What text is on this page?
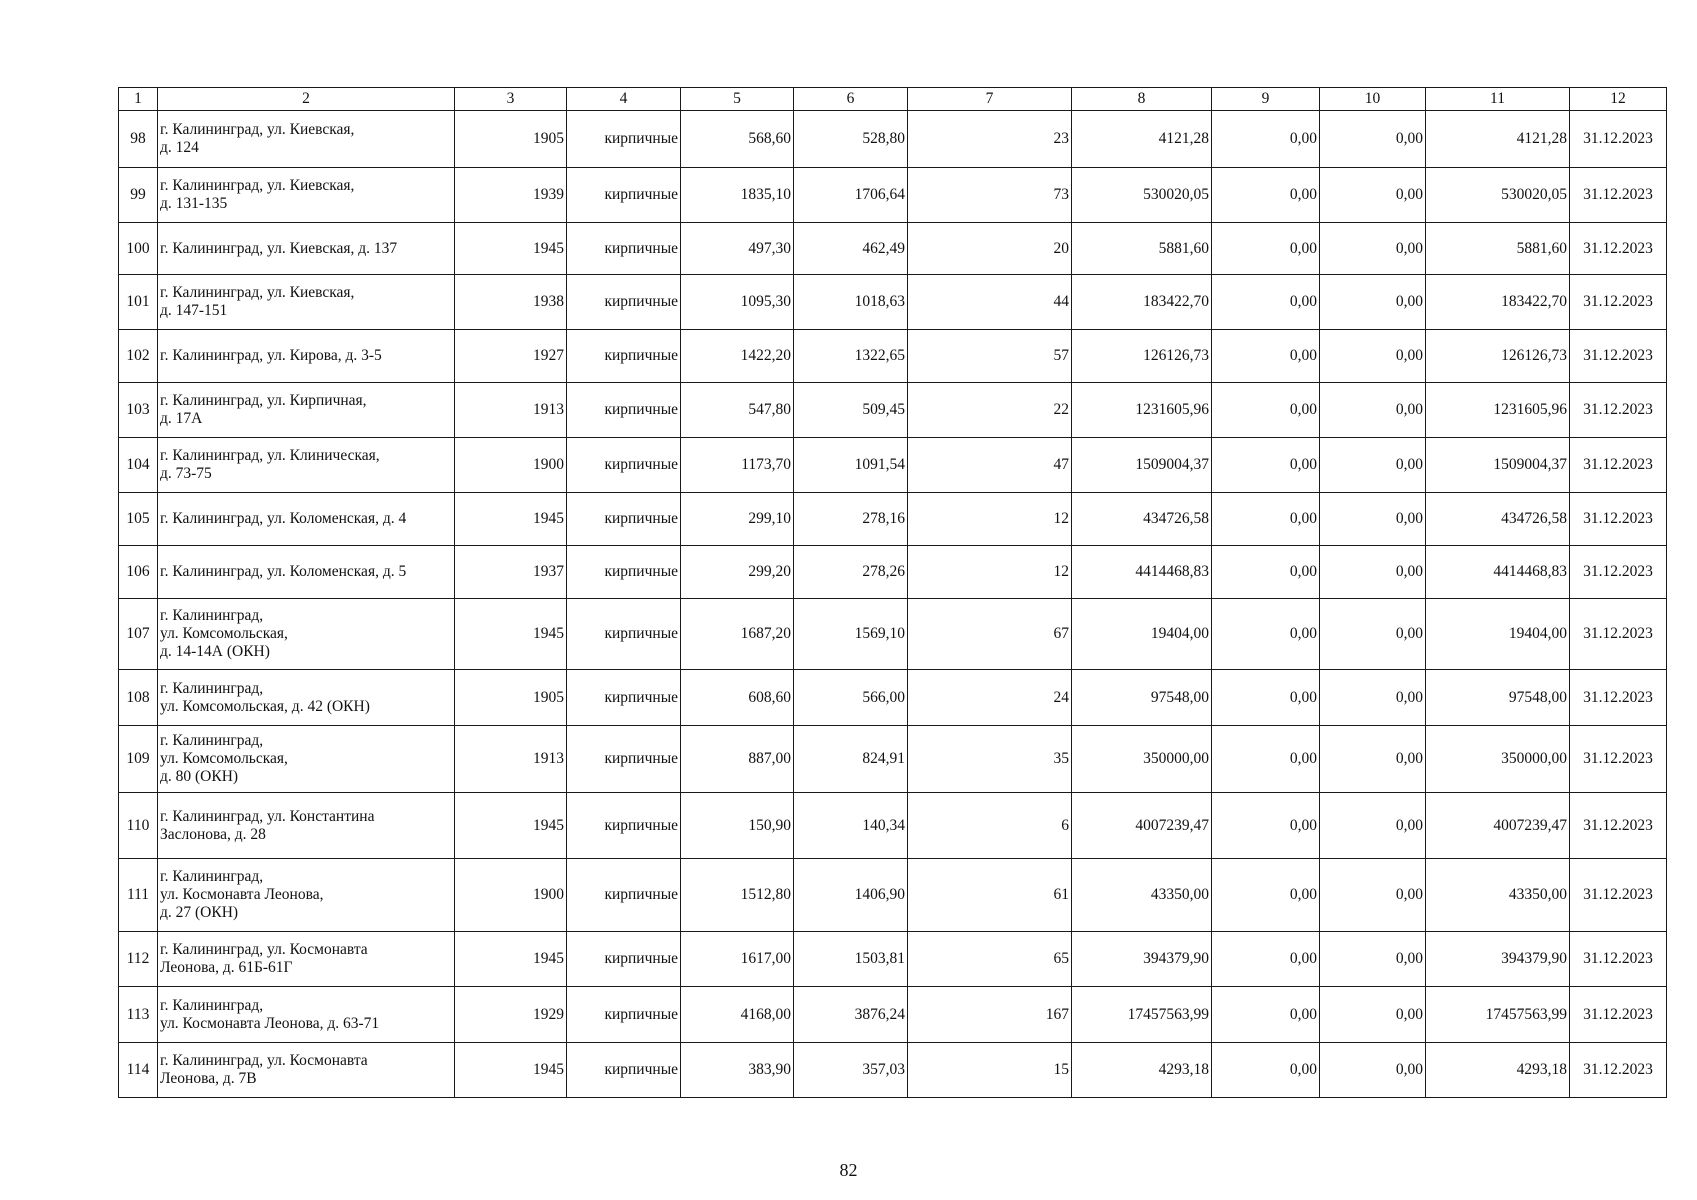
1	2	3	4	5	6	7	8	9	10	11	12
98	г. Калининград, ул. Киевская,
д. 124	1905	кирпичные	568,60	528,80	23	4121,28	0,00	0,00	4121,28	31.12.2023
99	г. Калининград, ул. Киевская,
д. 131-135	1939	кирпичные	1835,10	1706,64	73	530020,05	0,00	0,00	530020,05	31.12.2023
100	г. Калининград, ул. Киевская, д. 137	1945	кирпичные	497,30	462,49	20	5881,60	0,00	0,00	5881,60	31.12.2023
101	г. Калининград, ул. Киевская,
д. 147-151	1938	кирпичные	1095,30	1018,63	44	183422,70	0,00	0,00	183422,70	31.12.2023
102	г. Калининград, ул. Кирова, д. 3-5	1927	кирпичные	1422,20	1322,65	57	126126,73	0,00	0,00	126126,73	31.12.2023
103	г. Калининград, ул. Кирпичная,
д. 17А	1913	кирпичные	547,80	509,45	22	1231605,96	0,00	0,00	1231605,96	31.12.2023
104	г. Калининград, ул. Клиническая,
д. 73-75	1900	кирпичные	1173,70	1091,54	47	1509004,37	0,00	0,00	1509004,37	31.12.2023
105	г. Калининград, ул. Коломенская, д. 4	1945	кирпичные	299,10	278,16	12	434726,58	0,00	0,00	434726,58	31.12.2023
106	г. Калининград, ул. Коломенская, д. 5	1937	кирпичные	299,20	278,26	12	4414468,83	0,00	0,00	4414468,83	31.12.2023
107	г. Калининград,
ул. Комсомольская,
д. 14-14А (ОКН)	1945	кирпичные	1687,20	1569,10	67	19404,00	0,00	0,00	19404,00	31.12.2023
108	г. Калининград,
ул. Комсомольская, д. 42 (ОКН)	1905	кирпичные	608,60	566,00	24	97548,00	0,00	0,00	97548,00	31.12.2023
109	г. Калининград,
ул. Комсомольская,
д. 80 (ОКН)	1913	кирпичные	887,00	824,91	35	350000,00	0,00	0,00	350000,00	31.12.2023
110	г. Калининград, ул. Константина
Заслонова, д. 28	1945	кирпичные	150,90	140,34	6	4007239,47	0,00	0,00	4007239,47	31.12.2023
111	г. Калининград,
ул. Космонавта Леонова,
д. 27 (ОКН)	1900	кирпичные	1512,80	1406,90	61	43350,00	0,00	0,00	43350,00	31.12.2023
112	г. Калининград, ул. Космонавта
Леонова, д. 61Б-61Г	1945	кирпичные	1617,00	1503,81	65	394379,90	0,00	0,00	394379,90	31.12.2023
113	г. Калининград,
ул. Космонавта Леонова, д. 63-71	1929	кирпичные	4168,00	3876,24	167	17457563,99	0,00	0,00	17457563,99	31.12.2023
114	г. Калининград, ул. Космонавта
Леонова, д. 7В	1945	кирпичные	383,90	357,03	15	4293,18	0,00	0,00	4293,18	31.12.2023
82
